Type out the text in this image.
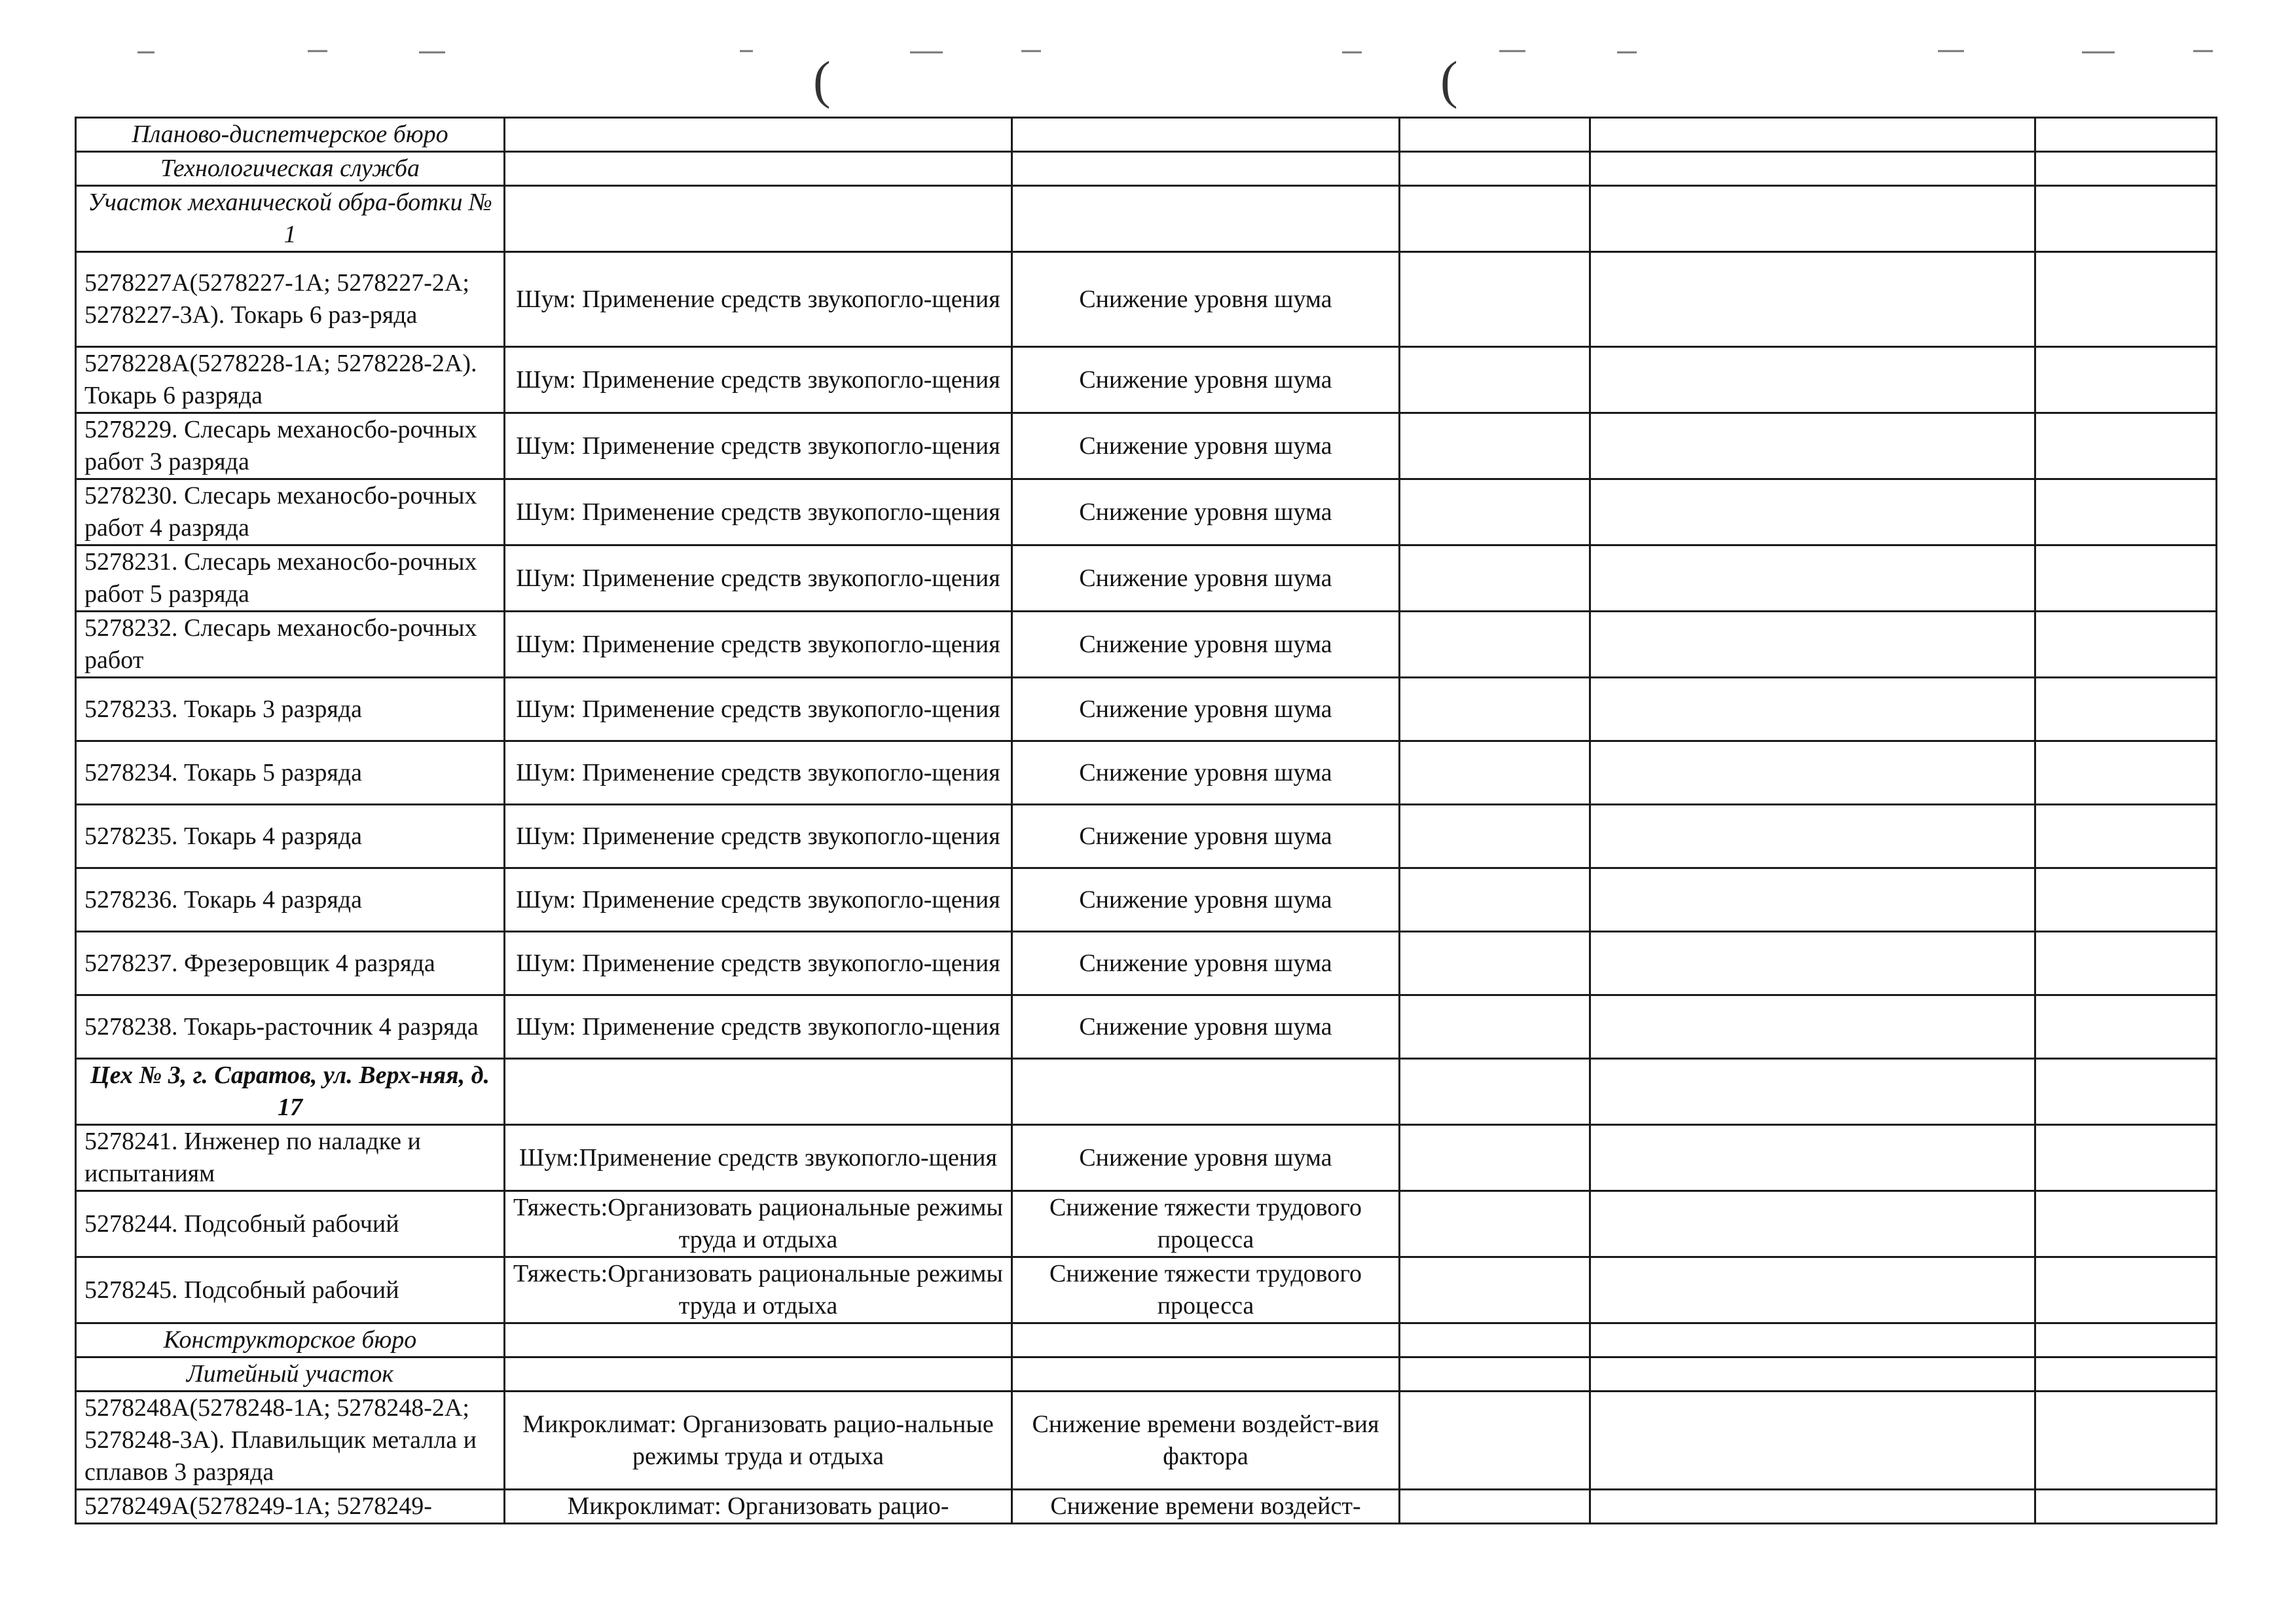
(	(
Планово-диспетчерское бюро					
Технологическая служба					
Участок механической обра-ботки № 1					
5278227А(5278227-1А; 5278227-2А; 5278227-3А). Токарь 6 раз-ряда	Шум: Применение средств звукопогло-щения	Снижение уровня шума			
5278228А(5278228-1А; 5278228-2А). Токарь 6 разряда	Шум: Применение средств звукопогло-щения	Снижение уровня шума			
5278229. Слесарь механосбо-рочных работ 3 разряда	Шум: Применение средств звукопогло-щения	Снижение уровня шума			
5278230. Слесарь механосбо-рочных работ 4 разряда	Шум: Применение средств звукопогло-щения	Снижение уровня шума			
5278231. Слесарь механосбо-рочных работ 5 разряда	Шум: Применение средств звукопогло-щения	Снижение уровня шума			
5278232. Слесарь механосбо-рочных работ	Шум: Применение средств звукопогло-щения	Снижение уровня шума			
5278233. Токарь 3 разряда	Шум: Применение средств звукопогло-щения	Снижение уровня шума			
5278234. Токарь 5 разряда	Шум: Применение средств звукопогло-щения	Снижение уровня шума			
5278235. Токарь 4 разряда	Шум: Применение средств звукопогло-щения	Снижение уровня шума			
5278236. Токарь 4 разряда	Шум: Применение средств звукопогло-щения	Снижение уровня шума			
5278237. Фрезеровщик 4 разряда	Шум: Применение средств звукопогло-щения	Снижение уровня шума			
5278238. Токарь-расточник 4 разряда	Шум: Применение средств звукопогло-щения	Снижение уровня шума			
Цех № 3, г. Саратов, ул. Верх-няя, д. 17					
5278241. Инженер по наладке и испытаниям	Шум:Применение средств звукопогло-щения	Снижение уровня шума			
5278244. Подсобный рабочий	Тяжесть:Организовать рациональные режимы труда и отдыха	Снижение тяжести трудового процесса			
5278245. Подсобный рабочий	Тяжесть:Организовать рациональные режимы труда и отдыха	Снижение тяжести трудового процесса			
Конструкторское бюро					
Литейный участок					
5278248А(5278248-1А; 5278248-2А; 5278248-3А). Плавильщик металла и сплавов 3 разряда	Микроклимат: Организовать рацио-нальные режимы труда и отдыха	Снижение времени воздейст-вия фактора			
5278249А(5278249-1А; 5278249-	Микроклимат: Организовать рацио-	Снижение времени воздейст-			
